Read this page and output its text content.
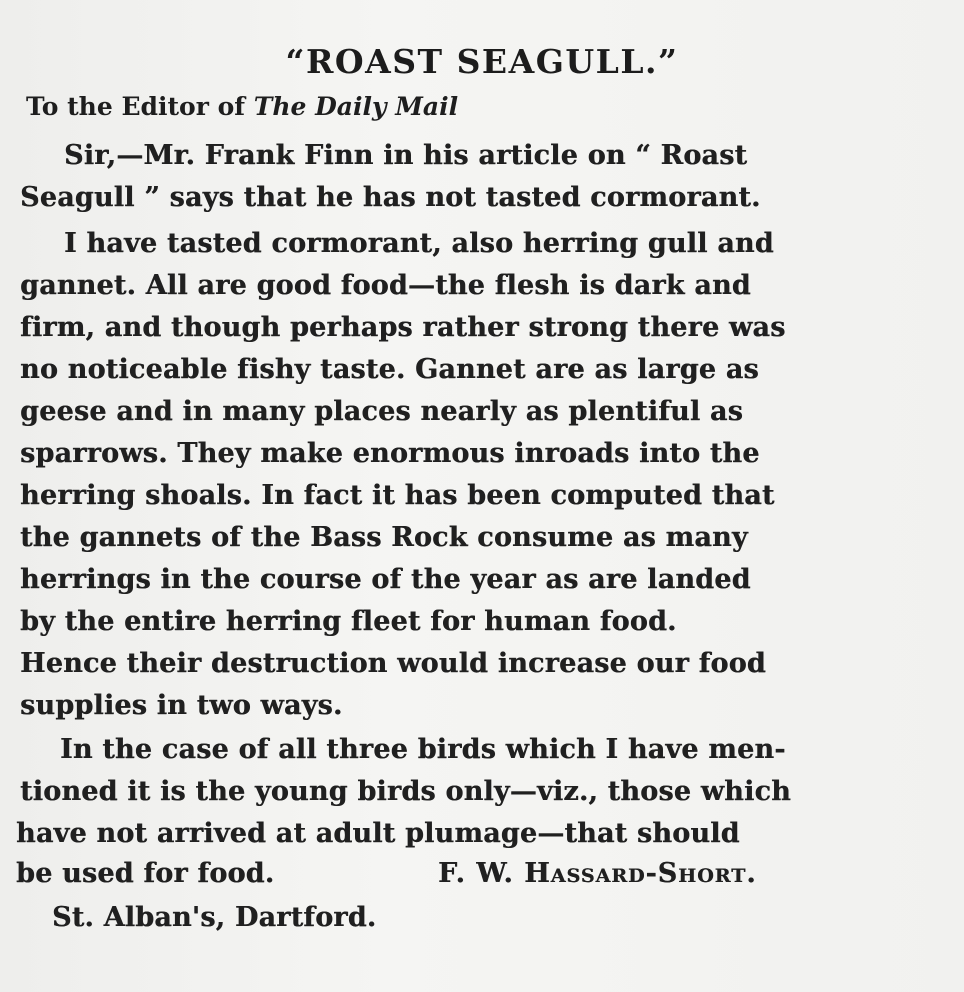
“ROAST SEAGULL.”
To the Editor of The Daily Mail
Sir,—Mr. Frank Finn in his article on “ Roast
Seagull ” says that he has not tasted cormorant.
I have tasted cormorant, also herring gull and
gannet. All are good food—the flesh is dark and
firm, and though perhaps rather strong there was
no noticeable fishy taste. Gannet are as large as
geese and in many places nearly as plentiful as
sparrows. They make enormous inroads into the
herring shoals. In fact it has been computed that
the gannets of the Bass Rock consume as many
herrings in the course of the year as are landed
by the entire herring fleet for human food.
Hence their destruction would increase our food
supplies in two ways.
In the case of all three birds which I have men-
tioned it is the young birds only—viz., those which
have not arrived at adult plumage—that should
be used for food.	F. W. Hassard-Short.
St. Alban's, Dartford.
